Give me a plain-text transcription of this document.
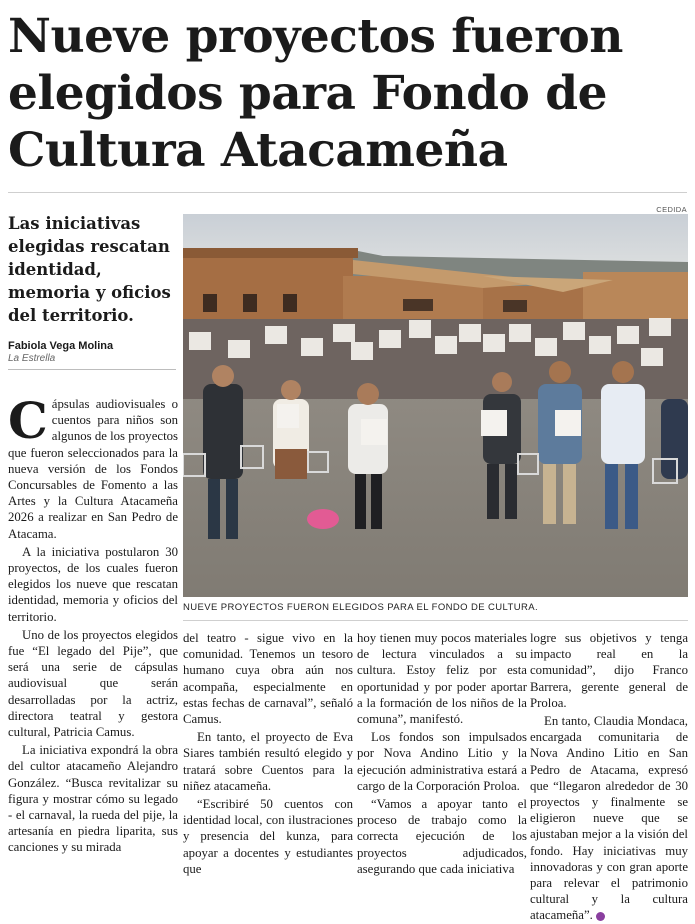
Nueve proyectos fueron elegidos para Fondo de Cultura Atacameña
Las iniciativas elegidas rescatan identidad, memoria y oficios del territorio.
Fabiola Vega Molina
La Estrella
CEDIDA
NUEVE PROYECTOS FUERON ELEGIDOS PARA EL FONDO DE CULTURA.

Cápsulas audiovisuales o cuentos para niños son algunos de los proyectos que fueron seleccionados para la nueva versión de los Fondos Concursables de Fomento a las Artes y la Cultura Atacameña 2026 a realizar en San Pedro de Atacama.

A la iniciativa postularon 30 proyectos, de los cuales fueron elegidos los nueve que rescatan identidad, memoria y oficios del territorio.

Uno de los proyectos elegidos fue “El legado del Pije”, que será una serie de cápsulas audiovisual que serán desarrolladas por la actriz, directora teatral y gestora cultural, Patricia Camus.

La iniciativa expondrá la obra del cultor atacameño Alejandro González. “Busca revitalizar su figura y mostrar cómo su legado - el carnaval, la rueda del pije, la artesanía en piedra liparita, sus canciones y su mirada

del teatro - sigue vivo en la comunidad. Tenemos un tesoro humano cuya obra aún nos acompaña, especialmente en estas fechas de carnaval”, señaló Camus.

En tanto, el proyecto de Eva Siares también resultó elegido y tratará sobre Cuentos para la niñez atacameña.

“Escribiré 50 cuentos con identidad local, con ilustraciones y presencia del kunza, para apoyar a docentes y estudiantes que

hoy tienen muy pocos materiales de lectura vinculados a su cultura. Estoy feliz por esta oportunidad y por poder aportar a la formación de los niños de la comuna”, manifestó.

Los fondos son impulsados por Nova Andino Litio y la ejecución administrativa estará a cargo de la Corporación Proloa.

“Vamos a apoyar tanto el proceso de trabajo como la correcta ejecución de los proyectos adjudicados, asegurando que cada iniciativa

logre sus objetivos y tenga impacto real en la comunidad”, dijo Franco Barrera, gerente general de Proloa.

En tanto, Claudia Mondaca, encargada comunitaria de Nova Andino Litio en San Pedro de Atacama, expresó que “llegaron alrededor de 30 proyectos y finalmente se eligieron nueve que se ajustaban mejor a la visión del fondo. Hay iniciativas muy innovadoras y con gran aporte para relevar el patrimonio cultural y la cultura atacameña”.
